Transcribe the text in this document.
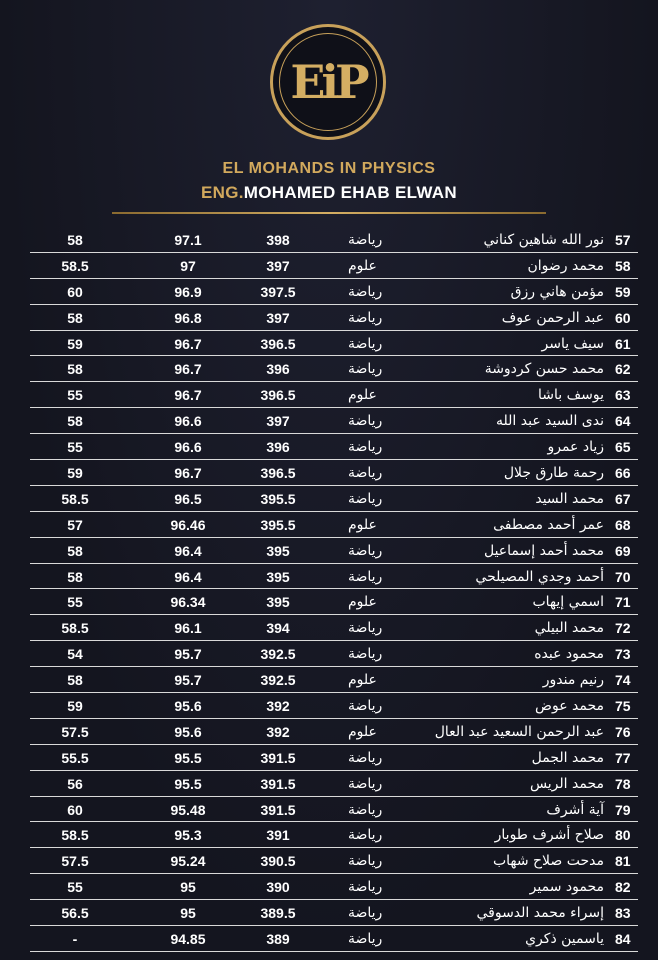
EiP
EL MOHANDS IN PHYSICS
ENG.MOHAMED EHAB ELWAN
57
نور الله شاهين كناني
رياضة
398
97.1
58
58
محمد رضوان
علوم
397
97
58.5
59
مؤمن هاني رزق
رياضة
397.5
96.9
60
60
عبد الرحمن عوف
رياضة
397
96.8
58
61
سيف ياسر
رياضة
396.5
96.7
59
62
محمد حسن كردوشة
رياضة
396
96.7
58
63
يوسف باشا
علوم
396.5
96.7
55
64
ندى السيد عبد الله
رياضة
397
96.6
58
65
زياد عمرو
رياضة
396
96.6
55
66
رحمة طارق جلال
رياضة
396.5
96.7
59
67
محمد السيد
رياضة
395.5
96.5
58.5
68
عمر أحمد مصطفى
علوم
395.5
96.46
57
69
محمد أحمد إسماعيل
رياضة
395
96.4
58
70
أحمد وجدي المصيلحي
رياضة
395
96.4
58
71
اسمي إيهاب
علوم
395
96.34
55
72
محمد البيلي
رياضة
394
96.1
58.5
73
محمود عبده
رياضة
392.5
95.7
54
74
رنيم مندور
علوم
392.5
95.7
58
75
محمد عوض
رياضة
392
95.6
59
76
عبد الرحمن السعيد عبد العال
علوم
392
95.6
57.5
77
محمد الجمل
رياضة
391.5
95.5
55.5
78
محمد الريس
رياضة
391.5
95.5
56
79
آية أشرف
رياضة
391.5
95.48
60
80
صلاح أشرف طوبار
رياضة
391
95.3
58.5
81
مدحت صلاح شهاب
رياضة
390.5
95.24
57.5
82
محمود سمير
رياضة
390
95
55
83
إسراء محمد الدسوقي
رياضة
389.5
95
56.5
84
ياسمين ذكري
رياضة
389
94.85
-
